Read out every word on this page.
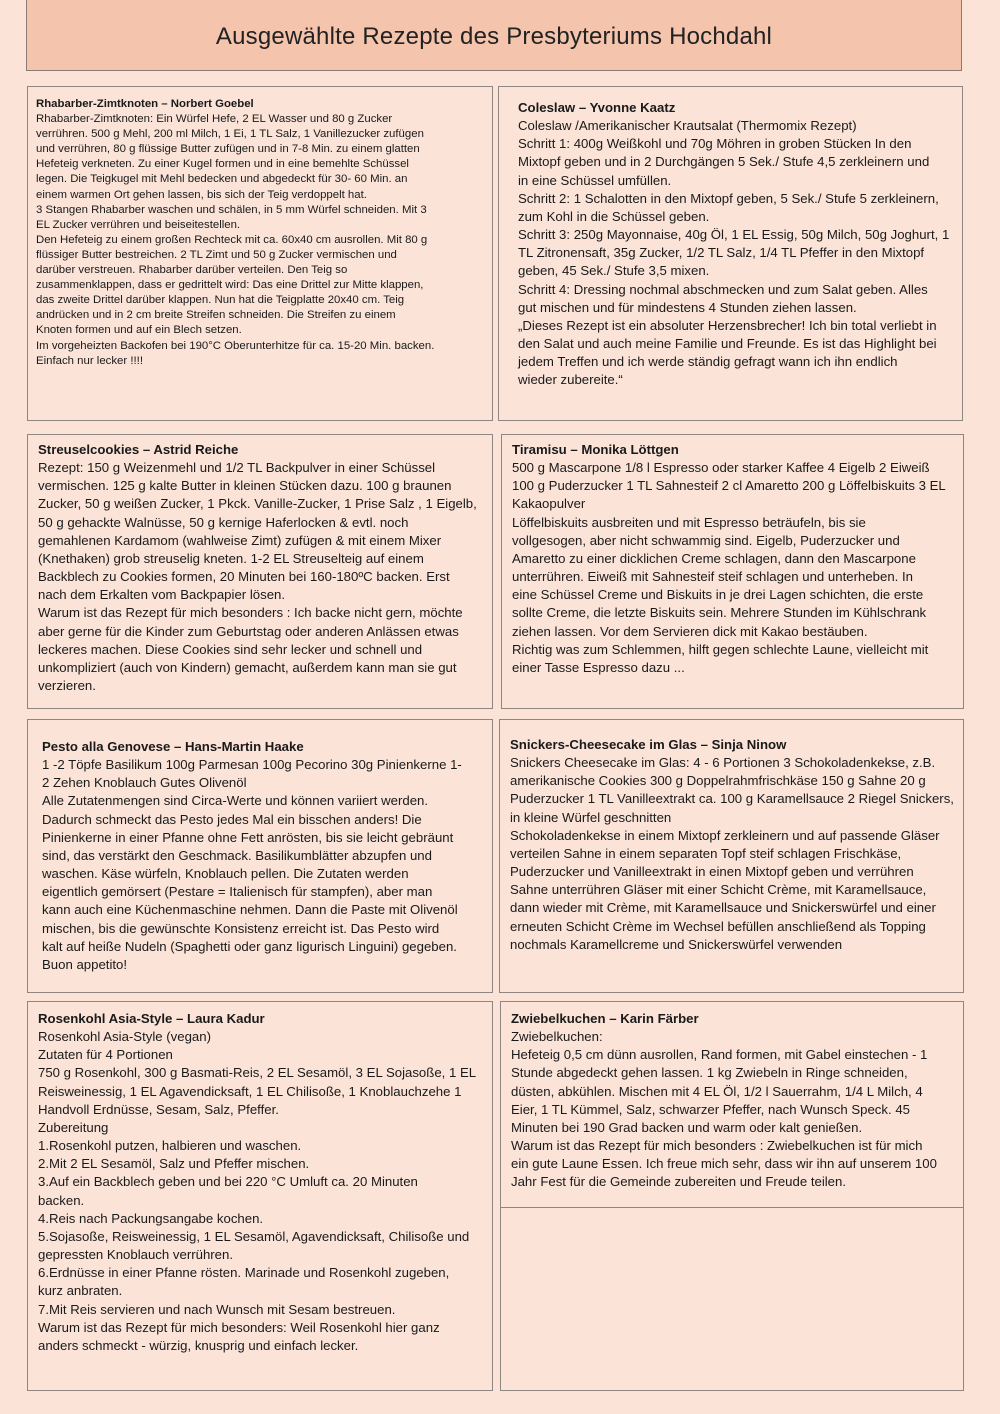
Ausgewählte Rezepte des Presbyteriums Hochdahl
Rhabarber-Zimtknoten – Norbert Goebel
Rhabarber-Zimtknoten: Ein Würfel Hefe, 2 EL Wasser und 80 g Zucker
verrühren. 500 g Mehl, 200 ml Milch, 1 Ei, 1 TL Salz, 1 Vanillezucker zufügen
und verrühren, 80 g flüssige Butter zufügen und in 7-8 Min. zu einem glatten
Hefeteig verkneten. Zu einer Kugel formen und in eine bemehlte Schüssel
legen. Die Teigkugel mit Mehl bedecken und abgedeckt für 30- 60 Min. an
einem warmen Ort gehen lassen, bis sich der Teig verdoppelt hat.
3 Stangen Rhabarber waschen und schälen, in 5 mm Würfel schneiden. Mit 3
EL Zucker verrühren und beiseitestellen.
Den Hefeteig zu einem großen Rechteck mit ca. 60x40 cm ausrollen. Mit 80 g
flüssiger Butter bestreichen. 2 TL Zimt und 50 g Zucker vermischen und
darüber verstreuen. Rhabarber darüber verteilen. Den Teig so
zusammenklappen, dass er gedrittelt wird: Das eine Drittel zur Mitte klappen,
das zweite Drittel darüber klappen. Nun hat die Teigplatte 20x40 cm. Teig
andrücken und in 2 cm breite Streifen schneiden. Die Streifen zu einem
Knoten formen und auf ein Blech setzen.
Im vorgeheizten Backofen bei 190°C Oberunterhitze für ca. 15-20 Min. backen.
Einfach nur lecker !!!!
Coleslaw – Yvonne Kaatz
Coleslaw /Amerikanischer Krautsalat (Thermomix Rezept)
Schritt 1: 400g Weißkohl und 70g Möhren in groben Stücken In den
Mixtopf geben und in 2 Durchgängen 5 Sek./ Stufe 4,5 zerkleinern und
in eine Schüssel umfüllen.
Schritt 2: 1 Schalotten in den Mixtopf geben, 5 Sek./ Stufe 5 zerkleinern,
zum Kohl in die Schüssel geben.
Schritt 3: 250g Mayonnaise, 40g Öl, 1 EL Essig, 50g Milch, 50g Joghurt, 1
TL Zitronensaft, 35g Zucker, 1/2 TL Salz, 1/4 TL Pfeffer in den Mixtopf
geben, 45 Sek./ Stufe 3,5 mixen.
Schritt 4: Dressing nochmal abschmecken und zum Salat geben. Alles
gut mischen und für mindestens 4 Stunden ziehen lassen.
„Dieses Rezept ist ein absoluter Herzensbrecher! Ich bin total verliebt in
den Salat und auch meine Familie und Freunde. Es ist das Highlight bei
jedem Treffen und ich werde ständig gefragt wann ich ihn endlich
wieder zubereite.“
Streuselcookies – Astrid Reiche
Rezept: 150 g Weizenmehl und 1/2 TL Backpulver in einer Schüssel
vermischen. 125 g kalte Butter in kleinen Stücken dazu. 100 g braunen
Zucker, 50 g weißen Zucker, 1 Pkck. Vanille-Zucker, 1 Prise Salz , 1 Eigelb,
50 g gehackte Walnüsse, 50 g kernige Haferlocken & evtl. noch
gemahlenen Kardamom (wahlweise Zimt) zufügen & mit einem Mixer
(Knethaken) grob streuselig kneten. 1-2 EL Streuselteig auf einem
Backblech zu Cookies formen, 20 Minuten bei 160-180ºC backen. Erst
nach dem Erkalten vom Backpapier lösen.
Warum ist das Rezept für mich besonders : Ich backe nicht gern, möchte
aber gerne für die Kinder zum Geburtstag oder anderen Anlässen etwas
leckeres machen. Diese Cookies sind sehr lecker und schnell und
unkompliziert (auch von Kindern) gemacht, außerdem kann man sie gut
verzieren.
Tiramisu – Monika Löttgen
500 g Mascarpone 1/8 l Espresso oder starker Kaffee 4 Eigelb 2 Eiweiß
100 g Puderzucker 1 TL Sahnesteif 2 cl Amaretto 200 g Löffelbiskuits 3 EL
Kakaopulver
Löffelbiskuits ausbreiten und mit Espresso beträufeln, bis sie
vollgesogen, aber nicht schwammig sind. Eigelb, Puderzucker und
Amaretto zu einer dicklichen Creme schlagen, dann den Mascarpone
unterrühren. Eiweiß mit Sahnesteif steif schlagen und unterheben. In
eine Schüssel Creme und Biskuits in je drei Lagen schichten, die erste
sollte Creme, die letzte Biskuits sein. Mehrere Stunden im Kühlschrank
ziehen lassen. Vor dem Servieren dick mit Kakao bestäuben.
Richtig was zum Schlemmen, hilft gegen schlechte Laune, vielleicht mit
einer Tasse Espresso dazu ...
Pesto alla Genovese – Hans-Martin Haake
1 -2 Töpfe Basilikum 100g Parmesan 100g Pecorino 30g Pinienkerne 1-
2 Zehen Knoblauch Gutes Olivenöl
Alle Zutatenmengen sind Circa-Werte und können variiert werden.
Dadurch schmeckt das Pesto jedes Mal ein bisschen anders! Die
Pinienkerne in einer Pfanne ohne Fett anrösten, bis sie leicht gebräunt
sind, das verstärkt den Geschmack. Basilikumblätter abzupfen und
waschen. Käse würfeln, Knoblauch pellen. Die Zutaten werden
eigentlich gemörsert (Pestare = Italienisch für stampfen), aber man
kann auch eine Küchenmaschine nehmen. Dann die Paste mit Olivenöl
mischen, bis die gewünschte Konsistenz erreicht ist. Das Pesto wird
kalt auf heiße Nudeln (Spaghetti oder ganz ligurisch Linguini) gegeben.
Buon appetito!
Snickers-Cheesecake im Glas – Sinja Ninow
Snickers Cheesecake im Glas: 4 - 6 Portionen 3 Schokoladenkekse, z.B.
amerikanische Cookies 300 g Doppelrahmfrischkäse 150 g Sahne 20 g
Puderzucker 1 TL Vanilleextrakt ca. 100 g Karamellsauce 2 Riegel Snickers,
in kleine Würfel geschnitten
Schokoladenkekse in einem Mixtopf zerkleinern und auf passende Gläser
verteilen Sahne in einem separaten Topf steif schlagen Frischkäse,
Puderzucker und Vanilleextrakt in einen Mixtopf geben und verrühren
Sahne unterrühren Gläser mit einer Schicht Crème, mit Karamellsauce,
dann wieder mit Crème, mit Karamellsauce und Snickerswürfel und einer
erneuten Schicht Crème im Wechsel befüllen anschließend als Topping
nochmals Karamellcreme und Snickerswürfel verwenden
Rosenkohl Asia-Style – Laura Kadur
Rosenkohl Asia-Style (vegan)
Zutaten für 4 Portionen
750 g Rosenkohl, 300 g Basmati-Reis, 2 EL Sesamöl, 3 EL Sojasoße, 1 EL
Reisweinessig, 1 EL Agavendicksaft, 1 EL Chilisoße, 1 Knoblauchzehe 1
Handvoll Erdnüsse, Sesam, Salz, Pfeffer.
Zubereitung
1.Rosenkohl putzen, halbieren und waschen.
2.Mit 2 EL Sesamöl, Salz und Pfeffer mischen.
3.Auf ein Backblech geben und bei 220 °C Umluft ca. 20 Minuten
backen.
4.Reis nach Packungsangabe kochen.
5.Sojasoße, Reisweinessig, 1 EL Sesamöl, Agavendicksaft, Chilisoße und
gepressten Knoblauch verrühren.
6.Erdnüsse in einer Pfanne rösten. Marinade und Rosenkohl zugeben,
kurz anbraten.
7.Mit Reis servieren und nach Wunsch mit Sesam bestreuen.
Warum ist das Rezept für mich besonders: Weil Rosenkohl hier ganz
anders schmeckt - würzig, knusprig und einfach lecker.
Zwiebelkuchen – Karin Färber
Zwiebelkuchen:
Hefeteig 0,5 cm dünn ausrollen, Rand formen, mit Gabel einstechen - 1
Stunde abgedeckt gehen lassen. 1 kg Zwiebeln in Ringe schneiden,
düsten, abkühlen. Mischen mit 4 EL Öl, 1/2 l Sauerrahm, 1/4 L Milch, 4
Eier, 1 TL Kümmel, Salz, schwarzer Pfeffer, nach Wunsch Speck. 45
Minuten bei 190 Grad backen und warm oder kalt genießen.
Warum ist das Rezept für mich besonders : Zwiebelkuchen ist für mich
ein gute Laune Essen. Ich freue mich sehr, dass wir ihn auf unserem 100
Jahr Fest für die Gemeinde zubereiten und Freude teilen.
